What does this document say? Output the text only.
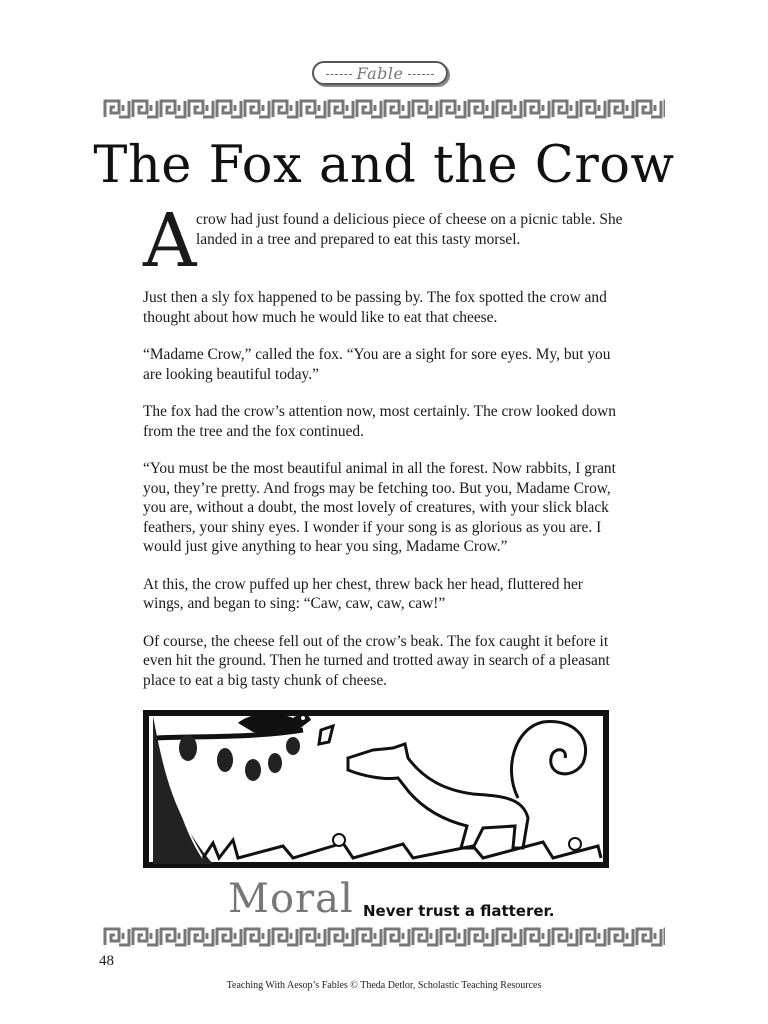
Fable
The Fox and the Crow
A crow had just found a delicious piece of cheese on a picnic table. She landed in a tree and prepared to eat this tasty morsel.

Just then a sly fox happened to be passing by. The fox spotted the crow and thought about how much he would like to eat that cheese.

“Madame Crow,” called the fox. “You are a sight for sore eyes. My, but you are looking beautiful today.”

The fox had the crow’s attention now, most certainly. The crow looked down from the tree and the fox continued.

“You must be the most beautiful animal in all the forest. Now rabbits, I grant you, they’re pretty. And frogs may be fetching too. But you, Madame Crow, you are, without a doubt, the most lovely of creatures, with your slick black feathers, your shiny eyes. I wonder if your song is as glorious as you are. I would just give anything to hear you sing, Madame Crow.”

At this, the crow puffed up her chest, threw back her head, fluttered her wings, and began to sing: “Caw, caw, caw, caw!”

Of course, the cheese fell out of the crow’s beak. The fox caught it before it even hit the ground. Then he turned and trotted away in search of a pleasant place to eat a big tasty chunk of cheese.

Moral Never trust a flatterer.
48
Teaching With Aesop’s Fables © Theda Detlor, Scholastic Teaching Resources
